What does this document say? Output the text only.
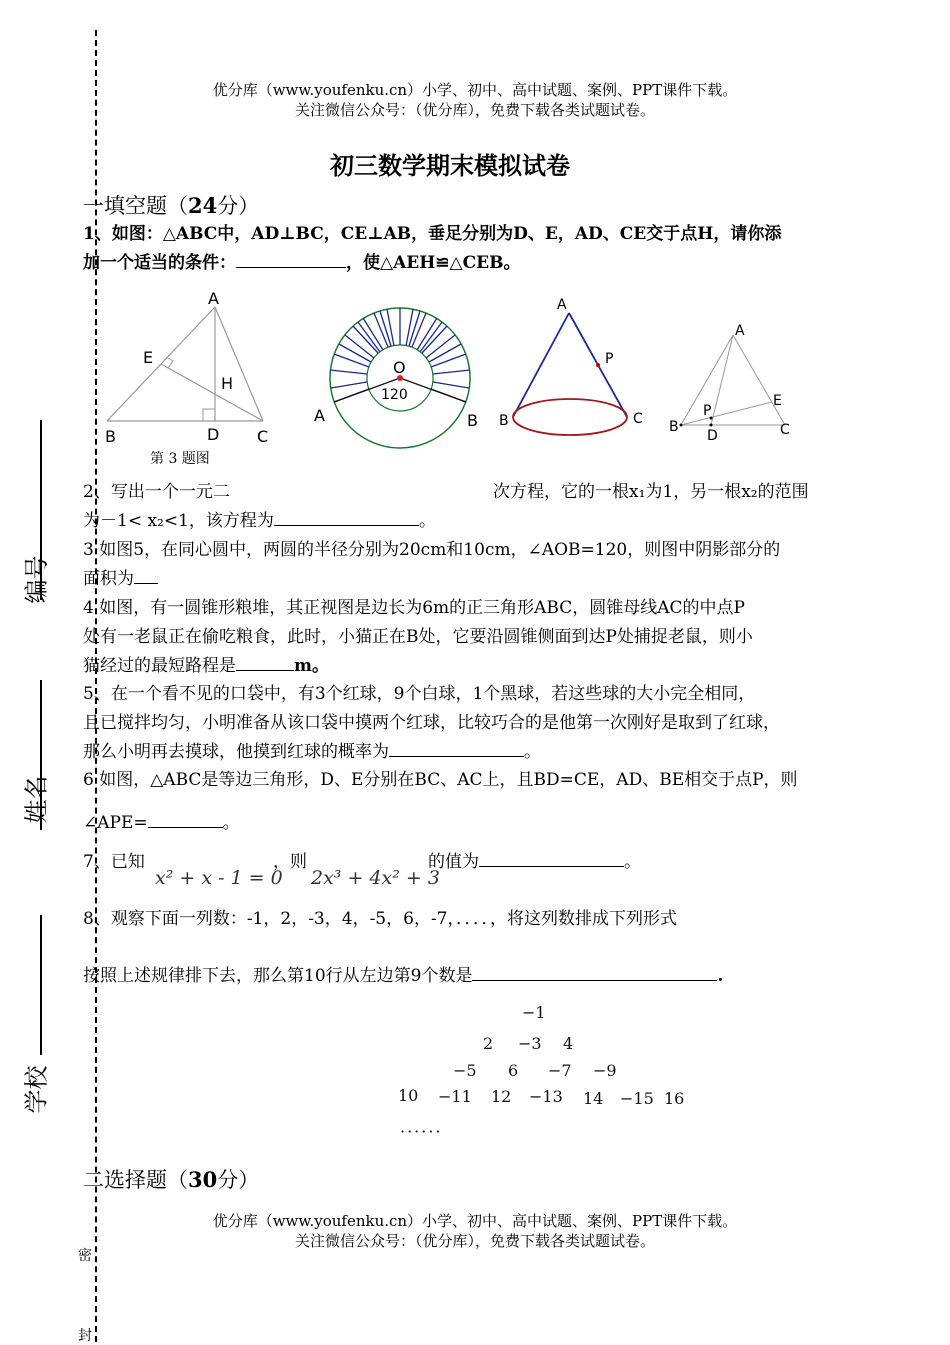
编号
姓名
学校
密
封
优分库（www.youfenku.cn）小学、初中、高中试题、案例、PPT课件下载。
关注微信公众号：（优分库），免费下载各类试题试卷。
初三数学期末模拟试卷
一填空题（24分）
1、如图：△ABC中，AD⊥BC，CE⊥AB，垂足分别为D、E，AD、CE交于点H，请你添
加一个适当的条件：	，使△AEH≌△CEB。
A
E
H
B	D C
第 3 题图
O
120
A	B
A
P
B	C
A
E
P
B
D	C
2、写出一个一元二	次方程，它的一根x₁为1，另一根x₂的范围
为－1< x₂<1，该方程为	。
3 如图5，在同心圆中，两圆的半径分别为20cm和10cm，∠AOB=120，则图中阴影部分的
面积为
4 如图，有一圆锥形粮堆，其正视图是边长为6m的正三角形ABC，圆锥母线AC的中点P
处有一老鼠正在偷吃粮食，此时，小猫正在B处，它要沿圆锥侧面到达P处捕捉老鼠，则小
猫经过的最短路程是	m。
5、在一个看不见的口袋中，有3个红球，9个白球，1个黑球，若这些球的大小完全相同，
且已搅拌均匀，小明准备从该口袋中摸两个红球，比较巧合的是他第一次刚好是取到了红球，
那么小明再去摸球，他摸到红球的概率为	。
6 如图，△ABC是等边三角形，D、E分别在BC、AC上，且BD=CE，AD、BE相交于点P，则
∠APE=	。
7、已知
x² + x - 1 = 0
，则
2x³ + 4x² + 3
的值为	。
8、观察下面一列数：-1，2，-3，4，-5，6，-7，．．．．，将这列数排成下列形式
按照上述规律排下去，那么第10行从左边第9个数是	.
−1
2 −3 4
−5 6 −7 −9
10 −11 12 −13 14 −15 16
······
二选择题（30分）
优分库（www.youfenku.cn）小学、初中、高中试题、案例、PPT课件下载。
关注微信公众号：（优分库），免费下载各类试题试卷。
